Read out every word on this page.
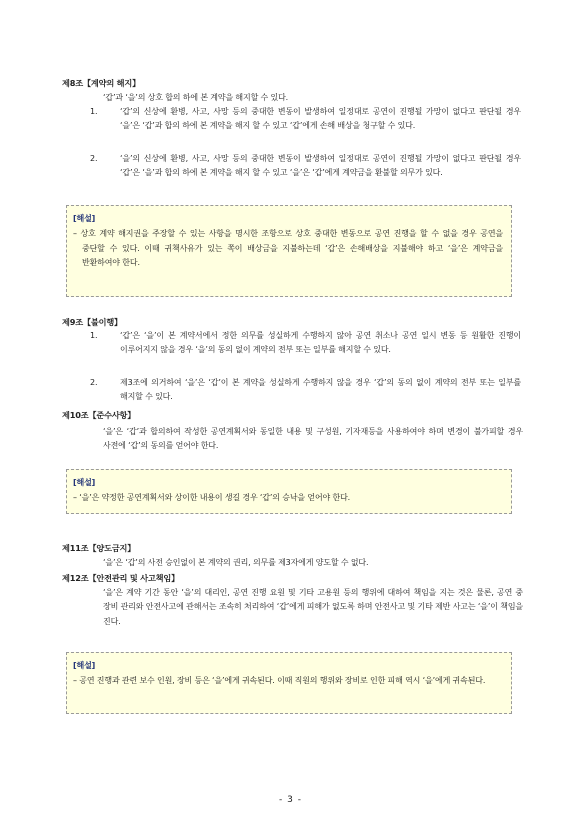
제8조【계약의 해지】
‘갑’과 ‘을’의 상호 합의 하에 본 계약을 해지할 수 있다.
1.	‘갑’의 신상에 환병, 사고, 사망 등의 중대한 변동이 발생하여 일정대로 공연이 진행될 가망이 없다고 판단될 경우 ‘을’은 ‘갑’과 합의 하에 본 계약을 해지 할 수 있고 ‘갑’에게 손해 배상을 청구할 수 있다.
2.	‘을’의 신상에 환병, 사고, 사망 등의 중대한 변동이 발생하여 일정대로 공연이 진행될 가망이 없다고 판단될 경우 ‘갑’은 ‘을’과 합의 하에 본 계약을 해지 할 수 있고 ‘을’은 ‘갑’에게 계약금을 환불할 의무가 있다.
[해설]
– 상호 계약 해지권을 주장할 수 있는 사항을 명시한 조항으로 상호 중대한 변동으로 공연 진행을 할 수 없을 경우 공연을 중단할 수 있다. 이때 귀책사유가 있는 쪽이 배상금을 지불하는데 ‘갑’은 손해배상을 지불해야 하고 ‘을’은 계약금을 반환하여야 한다.
제9조【불이행】
1.	‘갑’은 ‘을’이 본 계약서에서 정한 의무를 성실하게 수행하지 않아 공연 취소나 공연 일시 변동 등 원활한 진행이 이루어지지 않을 경우 ‘을’의 동의 없이 계약의 전부 또는 일부를 해지할 수 있다.
2.	제3조에 의거하여 ‘을’은 ‘갑’이 본 계약을 성실하게 수행하지 않을 경우 ‘갑’의 동의 없이 계약의 전부 또는 일부를 해지할 수 있다.
제10조【준수사항】
‘을’은 ‘갑’과 합의하여 작성한 공연계획서와 동일한 내용 및 구성원, 기자재등을 사용하여야 하며 변경이 불가피할 경우 사전에 ‘갑’의 동의를 얻어야 한다.
[해설]
– ‘을’은 약정한 공연계획서와 상이한 내용이 생길 경우 ‘갑’의 승낙을 얻어야 한다.
제11조【양도금지】
‘을’은 ‘갑’의 사전 승인없이 본 계약의 권리, 의무를 제3자에게 양도할 수 없다.
제12조【안전관리 및 사고책임】
‘을’은 계약 기간 동안 ‘을’의 대리인, 공연 진행 요원 및 기타 고용원 등의 행위에 대하여 책임을 지는 것은 물론, 공연 중 장비 관리와 안전사고에 관해서는 조속히 처리하여 ‘갑’에게 피해가 없도록 하며 안전사고 및 기타 제반 사고는 ‘을’이 책임을 진다.
[해설]
– 공연 진행과 관련 보수 인원, 장비 등은 ‘을’에게 귀속된다. 이때 직원의 행위와 장비로 인한 피해 역시 ‘을’에게 귀속된다.
- 3 -
